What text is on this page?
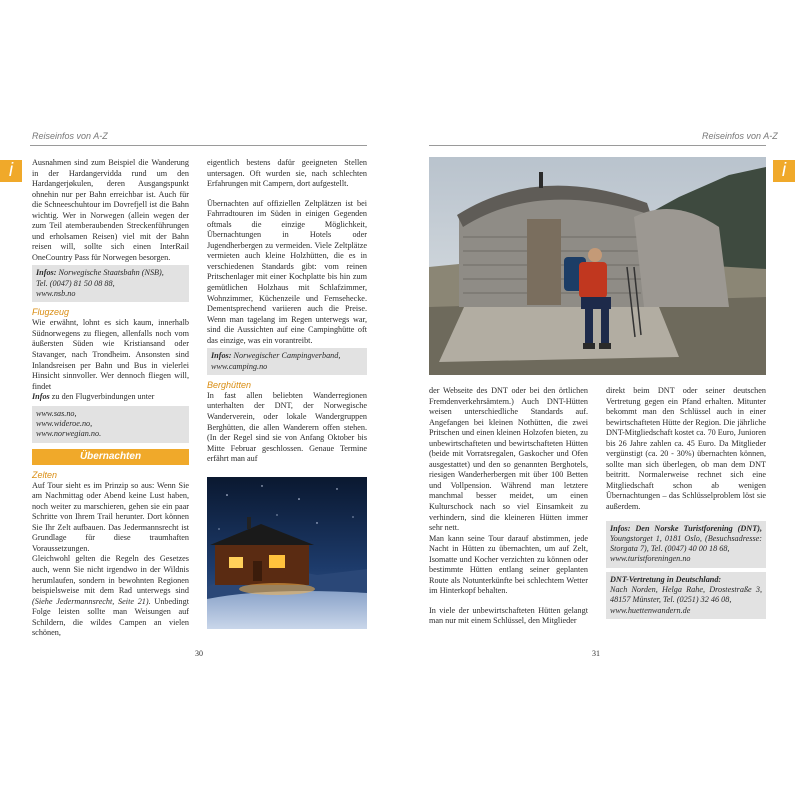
Reiseinfos von A-Z	Reiseinfos von A-Z
i	i

Ausnahmen sind zum Beispiel die Wanderung in der Hardangervidda rund um den Hardangerjøkulen, deren Ausgangspunkt ohnehin nur per Bahn erreichbar ist. Auch für die Schneeschuhtour im Dovrefjell ist die Bahn wichtig. Wer in Norwegen (allein wegen der zum Teil atemberaubenden Streckenführungen und erholsamen Reisen) viel mit der Bahn reisen will, sollte sich einen InterRail OneCountry Pass für Norwegen besorgen.

Infos: Norwegische Staatsbahn (NSB),
Tel. (0047) 81 50 08 88,
www.nsb.no
Flugzeug

Wie erwähnt, lohnt es sich kaum, innerhalb Südnorwegens zu fliegen, allenfalls noch vom äußersten Süden wie Kristiansand oder Stavanger, nach Trondheim. Ansonsten sind Inlandsreisen per Bahn und Bus in vielerlei Hinsicht sinnvoller. Wer dennoch fliegen will, findet

Infos zu den Flugverbindungen unter

www.sas.no,
www.wideroe.no,
www.norwegian.no.
Übernachten
Zelten

Auf Tour sieht es im Prinzip so aus: Wenn Sie am Nachmittag oder Abend keine Lust haben, noch weiter zu marschieren, gehen sie ein paar Schritte von Ihrem Trail herunter. Dort können Sie Ihr Zelt aufbauen. Das Jedermannsrecht ist Grundlage für diese traumhaften Voraussetzungen.

Gleichwohl gelten die Regeln des Gesetzes auch, wenn Sie nicht irgendwo in der Wildnis herumlaufen, sondern in bewohnten Regionen beispielsweise mit dem Rad unterwegs sind (Siehe Jedermannsrecht, Seite 21). Unbedingt Folge leisten sollte man Weisungen auf Schildern, die wildes Campen an vielen schönen,

eigentlich bestens dafür geeigneten Stellen untersagen. Oft wurden sie, nach schlechten Erfahrungen mit Campern, dort aufgestellt.

Übernachten auf offiziellen Zeltplätzen ist bei Fahrradtouren im Süden in einigen Gegenden oftmals die einzige Möglichkeit, Übernachtungen in Hotels oder Jugendherbergen zu vermeiden. Viele Zeltplätze vermieten auch kleine Holzhütten, die es in verschiedenen Standards gibt: vom reinen Pritschenlager mit einer Kochplatte bis hin zum gemütlichen Holzhaus mit Schlafzimmer, Wohnzimmer, Küchenzeile und Fernsehecke. Dementsprechend variieren auch die Preise. Wenn man tagelang im Regen unterwegs war, sind die Aussichten auf eine Campinghütte oft das einzige, was ein vorantreibt.

Infos: Norwegischer Campingverband,
www.camping.no
Berghütten

In fast allen beliebten Wanderregionen unterhalten der DNT, der Norwegische Wanderverein, oder lokale Wandergruppen Berghütten, die allen Wanderern offen stehen. (In der Regel sind sie von Anfang Oktober bis Mitte Februar geschlossen. Genaue Termine erfährt man auf

der Webseite des DNT oder bei den örtlichen Fremdenverkehrsämtern.) Auch DNT-Hütten weisen unterschiedliche Standards auf. Angefangen bei kleinen Nothütten, die zwei Pritschen und einen kleinen Holzofen bieten, zu unbewirtschafteten und bewirtschafteten Hütten (beide mit Vorratsregalen, Gaskocher und Ofen ausgestattet) und den so genannten Berghotels, riesigen Wanderherbergen mit über 100 Betten und Vollpension. Während man letztere manchmal besser meidet, um einen Kulturschock nach so viel Einsamkeit zu verhindern, sind die kleineren Hütten immer sehr nett.

Man kann seine Tour darauf abstimmen, jede Nacht in Hütten zu übernachten, um auf Zelt, Isomatte und Kocher verzichten zu können oder bestimmte Hütten entlang seiner geplanten Route als Notunterkünfte bei schlechtem Wetter im Hinterkopf behalten.

In viele der unbewirtschafteten Hütten gelangt man nur mit einem Schlüssel, den Mitglieder

direkt beim DNT oder seiner deutschen Vertretung gegen ein Pfand erhalten. Mitunter bekommt man den Schlüssel auch in einer bewirtschafteten Hütte der Region. Die jährliche DNT-Mitgliedschaft kostet ca. 70 Euro, Junioren bis 26 Jahre zahlen ca. 45 Euro. Da Mitglieder vergünstigt (ca. 20 - 30%) übernachten können, sollte man sich überlegen, ob man dem DNT beitritt. Normalerweise rechnet sich eine Mitgliedschaft schon ab wenigen Übernachtungen – das Schlüsselproblem löst sie außerdem.

Infos: Den Norske Turistforening (DNT), Youngstorget 1, 0181 Oslo, (Besuchsadresse: Storgata 7), Tel. (0047) 40 00 18 68,
www.turistforeningen.no
DNT-Vertretung in Deutschland:
Nach Norden, Helga Rahe, Drostestraße 3, 48157 Münster, Tel. (0251) 32 46 08,
www.huettenwandern.de
30	31
